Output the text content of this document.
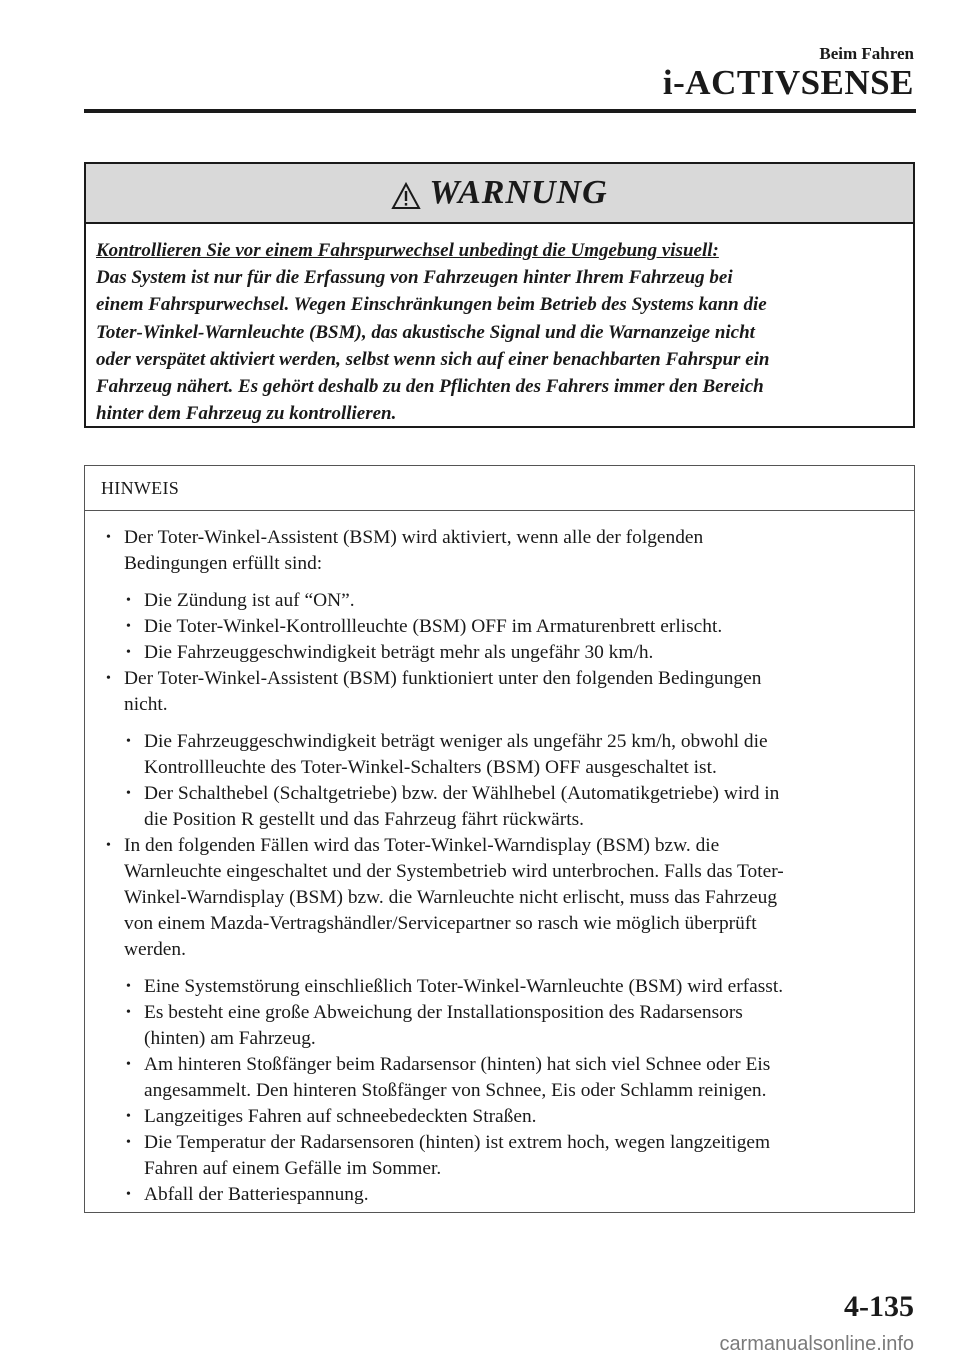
Beim Fahren
i-ACTIVSENSE
WARNUNG
Kontrollieren Sie vor einem Fahrspurwechsel unbedingt die Umgebung visuell:
Das System ist nur für die Erfassung von Fahrzeugen hinter Ihrem Fahrzeug bei
einem Fahrspurwechsel. Wegen Einschränkungen beim Betrieb des Systems kann die
Toter-Winkel-Warnleuchte (BSM), das akustische Signal und die Warnanzeige nicht
oder verspätet aktiviert werden, selbst wenn sich auf einer benachbarten Fahrspur ein
Fahrzeug nähert. Es gehört deshalb zu den Pflichten des Fahrers immer den Bereich
hinter dem Fahrzeug zu kontrollieren.
HINWEIS
• Der Toter-Winkel-Assistent (BSM) wird aktiviert, wenn alle der folgenden
Bedingungen erfüllt sind:
• Die Zündung ist auf “ON”.
• Die Toter-Winkel-Kontrollleuchte (BSM) OFF im Armaturenbrett erlischt.
• Die Fahrzeuggeschwindigkeit beträgt mehr als ungefähr 30 km/h.
• Der Toter-Winkel-Assistent (BSM) funktioniert unter den folgenden Bedingungen
nicht.
• Die Fahrzeuggeschwindigkeit beträgt weniger als ungefähr 25 km/h, obwohl die
Kontrollleuchte des Toter-Winkel-Schalters (BSM) OFF ausgeschaltet ist.
• Der Schalthebel (Schaltgetriebe) bzw. der Wählhebel (Automatikgetriebe) wird in
die Position R gestellt und das Fahrzeug fährt rückwärts.
• In den folgenden Fällen wird das Toter-Winkel-Warndisplay (BSM) bzw. die
Warnleuchte eingeschaltet und der Systembetrieb wird unterbrochen. Falls das Toter-
Winkel-Warndisplay (BSM) bzw. die Warnleuchte nicht erlischt, muss das Fahrzeug
von einem Mazda-Vertragshändler/Servicepartner so rasch wie möglich überprüft
werden.
• Eine Systemstörung einschließlich Toter-Winkel-Warnleuchte (BSM) wird erfasst.
• Es besteht eine große Abweichung der Installationsposition des Radarsensors
(hinten) am Fahrzeug.
• Am hinteren Stoßfänger beim Radarsensor (hinten) hat sich viel Schnee oder Eis
angesammelt. Den hinteren Stoßfänger von Schnee, Eis oder Schlamm reinigen.
• Langzeitiges Fahren auf schneebedeckten Straßen.
• Die Temperatur der Radarsensoren (hinten) ist extrem hoch, wegen langzeitigem
Fahren auf einem Gefälle im Sommer.
• Abfall der Batteriespannung.
4-135
carmanualsonline.info
